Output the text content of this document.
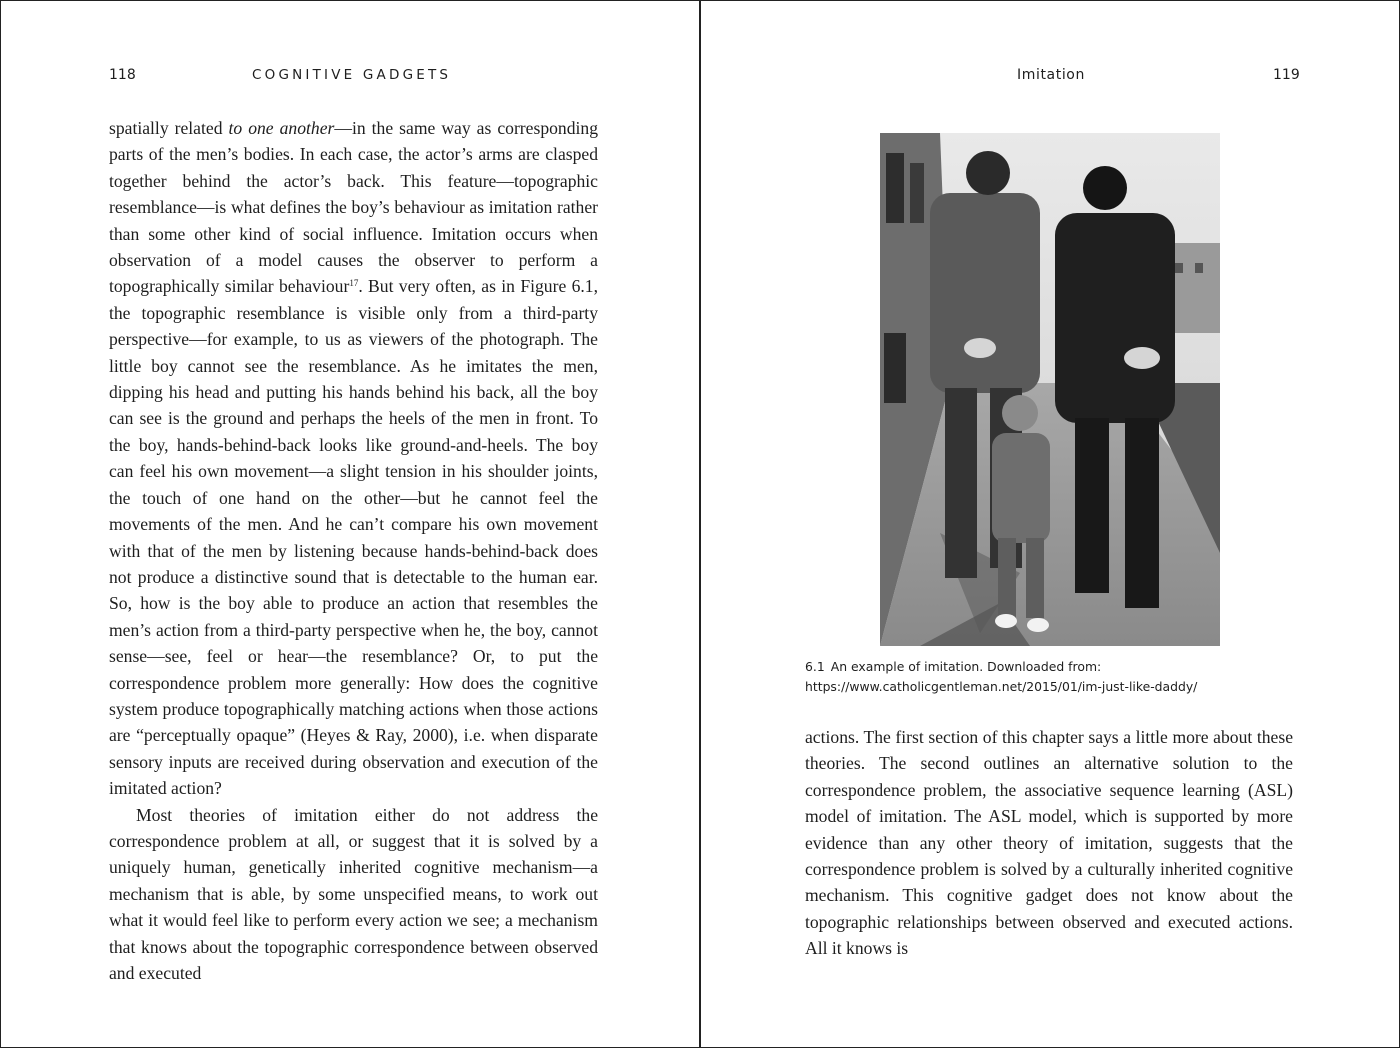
118	COGNITIVE GADGETS

spatially related to one another—in the same way as corresponding parts of the men’s bodies. In each case, the actor’s arms are clasped together behind the actor’s back. This feature—topographic resemblance—is what defines the boy’s behaviour as imitation rather than some other kind of social influence. Imitation occurs when observation of a model causes the observer to perform a topographically similar behaviour$^{17}$. But very often, as in Figure 6.1, the topographic resemblance is visible only from a third-party perspective—for example, to us as viewers of the photograph. The little boy cannot see the resemblance. As he imitates the men, dipping his head and putting his hands behind his back, all the boy can see is the ground and perhaps the heels of the men in front. To the boy, hands-behind-back looks like ground-and-heels. The boy can feel his own movement—a slight tension in his shoulder joints, the touch of one hand on the other—but he cannot feel the movements of the men. And he can’t compare his own movement with that of the men by listening because hands-behind-back does not produce a distinctive sound that is detectable to the human ear. So, how is the boy able to produce an action that resembles the men’s action from a third-party perspective when he, the boy, cannot sense—see, feel or hear—the resemblance? Or, to put the correspondence problem more generally: How does the cognitive system produce topographically matching actions when those actions are “perceptually opaque” (Heyes & Ray, 2000), i.e. when disparate sensory inputs are received during observation and execution of the imitated action?

Most theories of imitation either do not address the correspondence problem at all, or suggest that it is solved by a uniquely human, genetically inherited cognitive mechanism—a mechanism that is able, by some unspecified means, to work out what it would feel like to perform every action we see; a mechanism that knows about the topographic correspondence between observed and executed

Imitation	119
6.1 An example of imitation. Downloaded from:
https://www.catholicgentleman.net/2015/01/im-just-like-daddy/

actions. The first section of this chapter says a little more about these theories. The second outlines an alternative solution to the correspondence problem, the associative sequence learning (ASL) model of imitation. The ASL model, which is supported by more evidence than any other theory of imitation, suggests that the correspondence problem is solved by a culturally inherited cognitive mechanism. This cognitive gadget does not know about the topographic relationships between observed and executed actions. All it knows is
